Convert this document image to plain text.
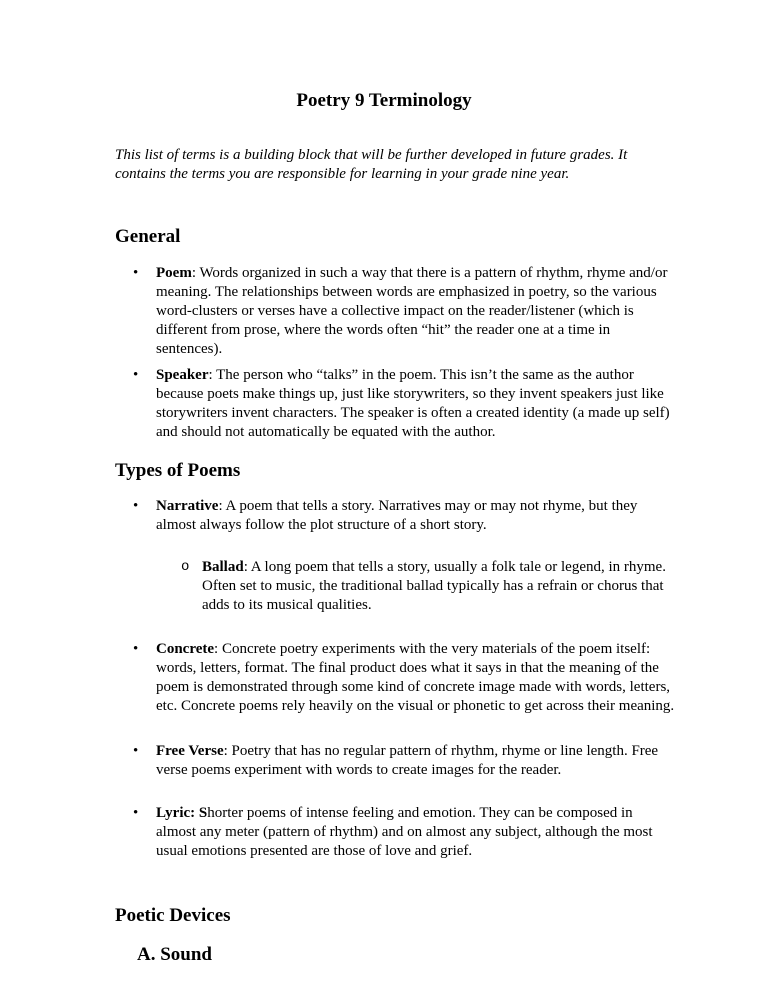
Poetry 9 Terminology

This list of terms is a building block that will be further developed in future grades. It contains the terms you are responsible for learning in your grade nine year.

General
•	Poem: Words organized in such a way that there is a pattern of rhythm, rhyme and/or meaning. The relationships between words are emphasized in poetry, so the various word-clusters or verses have a collective impact on the reader/listener (which is different from prose, where the words often “hit” the reader one at a time in sentences).
•	Speaker: The person who “talks” in the poem. This isn’t the same as the author because poets make things up, just like storywriters, so they invent speakers just like storywriters invent characters. The speaker is often a created identity (a made up self) and should not automatically be equated with the author.
Types of Poems
•	Narrative: A poem that tells a story. Narratives may or may not rhyme, but they almost always follow the plot structure of a short story.
o Ballad: A long poem that tells a story, usually a folk tale or legend, in rhyme. Often set to music, the traditional ballad typically has a refrain or chorus that adds to its musical qualities.
•	Concrete: Concrete poetry experiments with the very materials of the poem itself: words, letters, format. The final product does what it says in that the meaning of the poem is demonstrated through some kind of concrete image made with words, letters, etc. Concrete poems rely heavily on the visual or phonetic to get across their meaning.
•	Free Verse: Poetry that has no regular pattern of rhythm, rhyme or line length. Free verse poems experiment with words to create images for the reader.
•	Lyric: Shorter poems of intense feeling and emotion. They can be composed in almost any meter (pattern of rhythm) and on almost any subject, although the most usual emotions presented are those of love and grief.
Poetic Devices
A. Sound
